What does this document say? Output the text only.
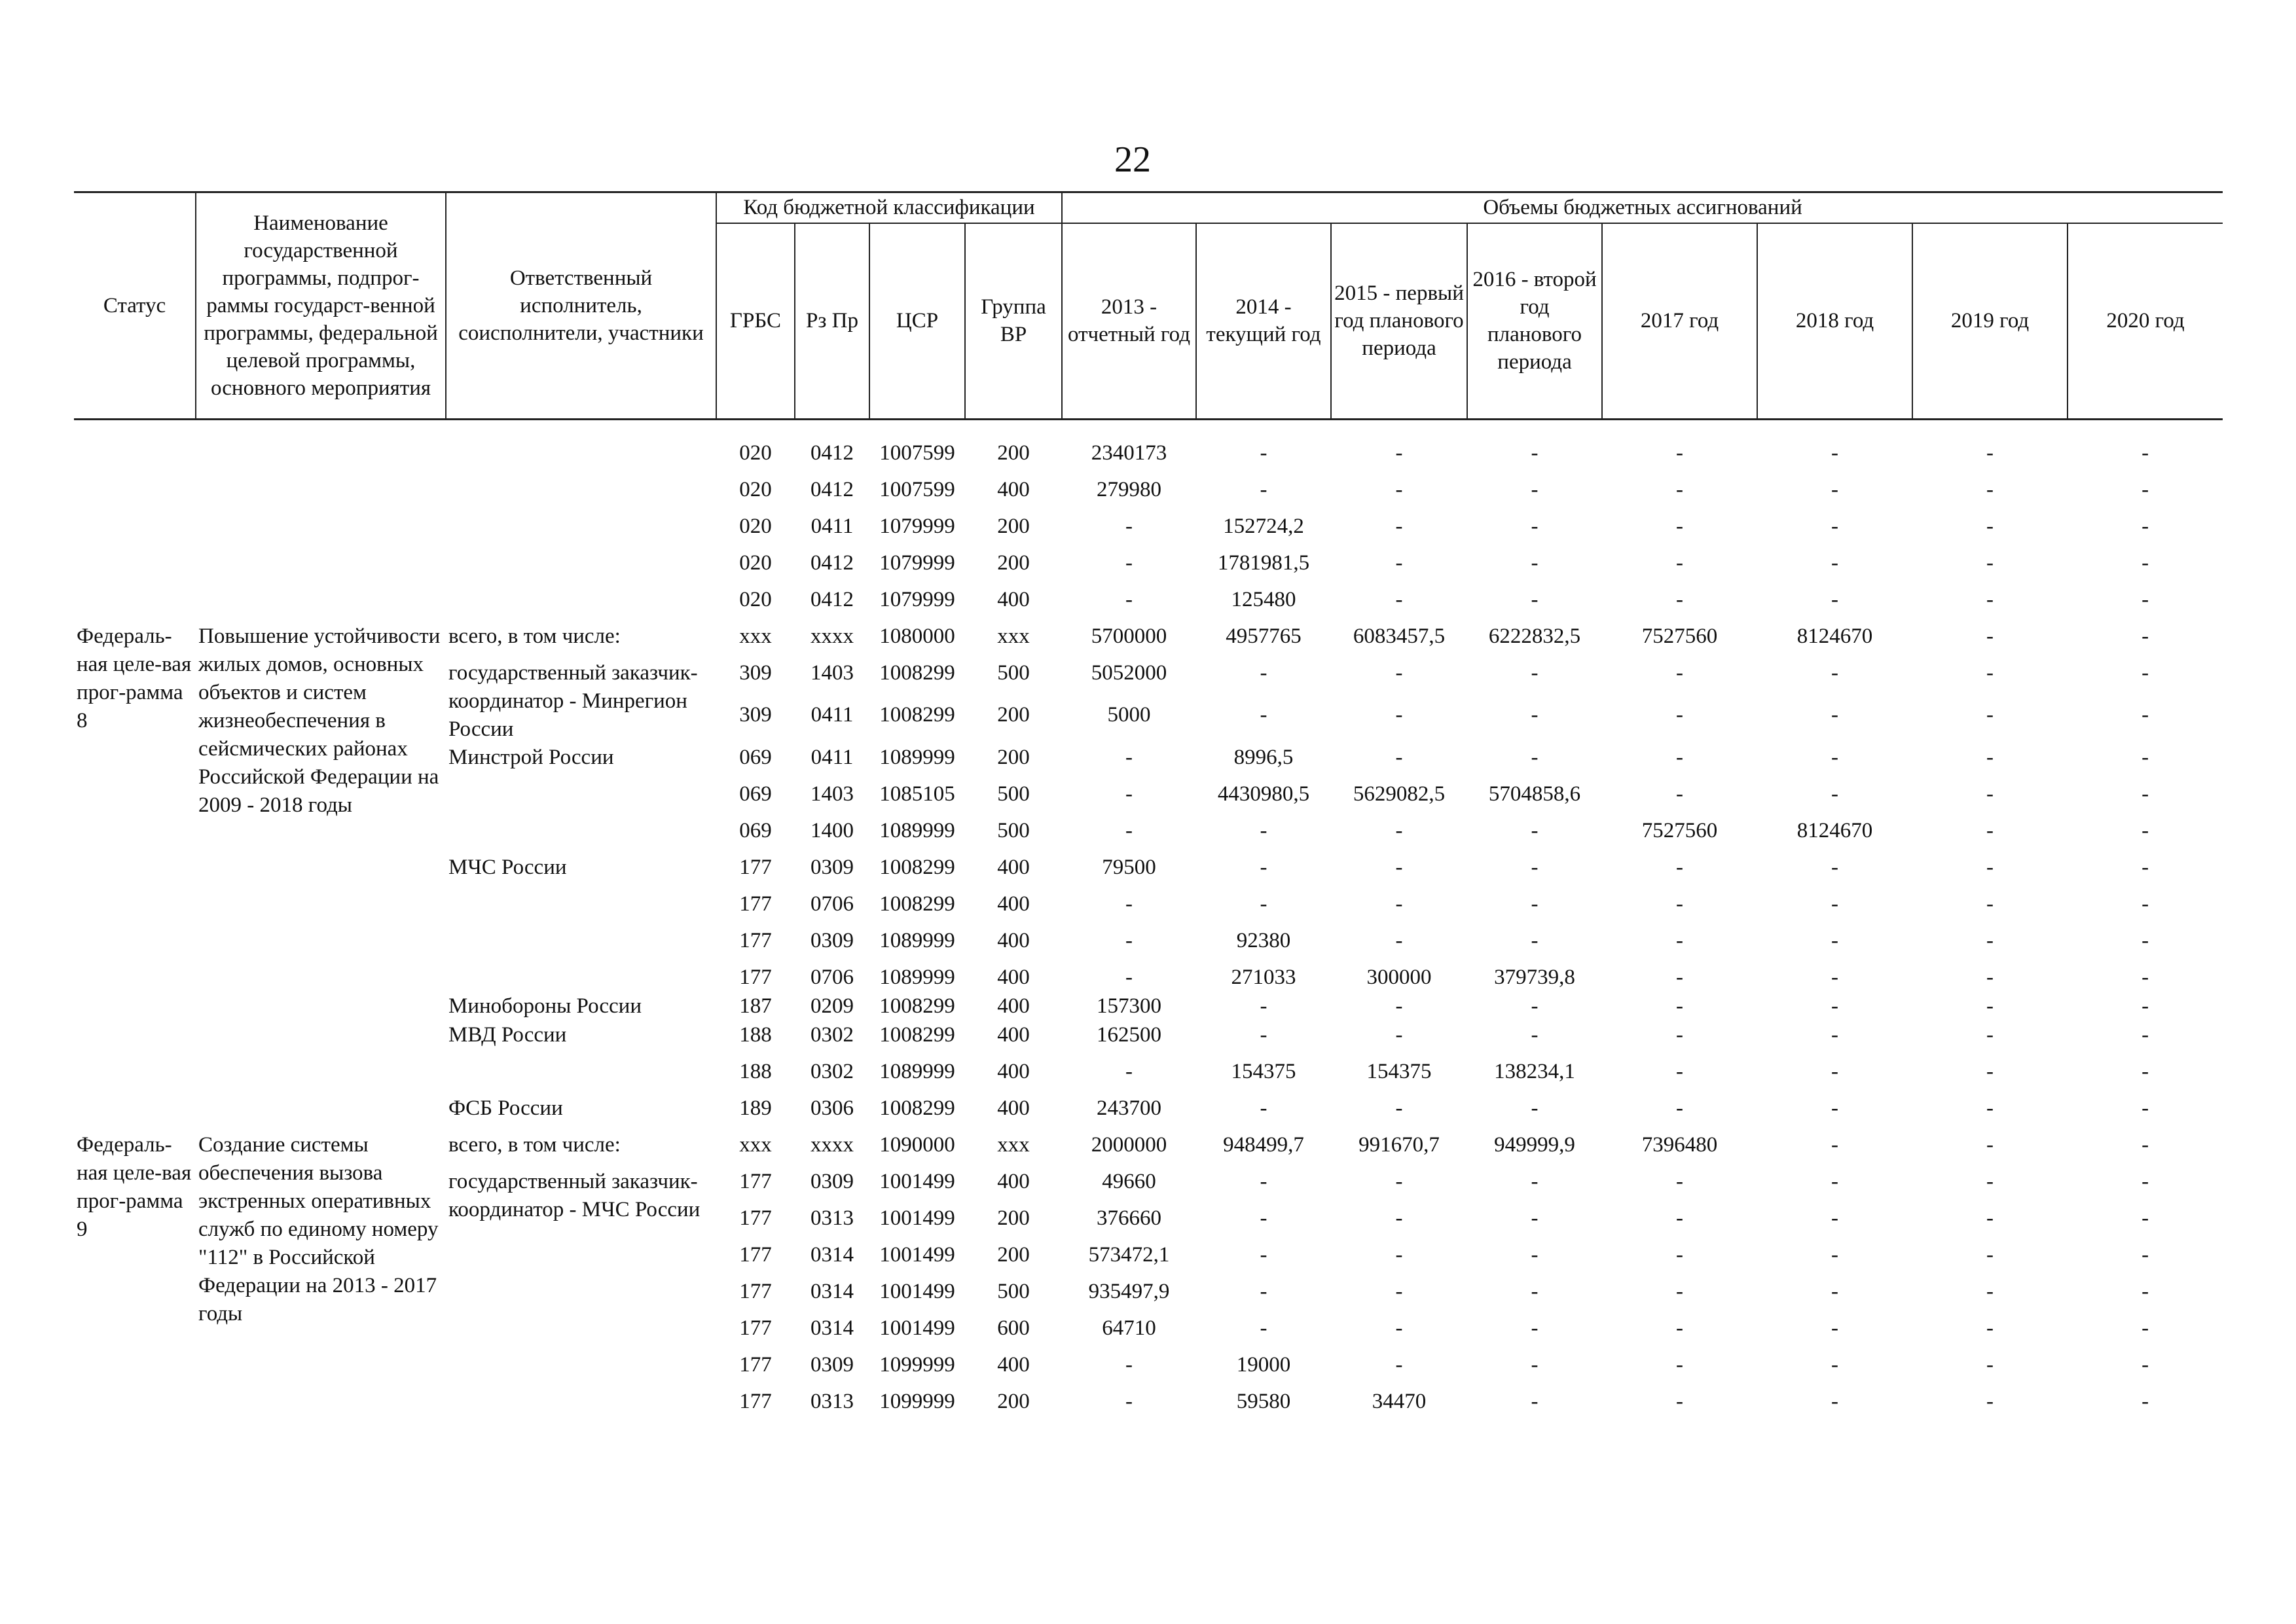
22
Статус	Наименование государственной программы, подпрог-раммы государст-венной программы, федеральной целевой программы, основного мероприятия	Ответственный исполнитель, соисполнители, участники	Код бюджетной классификации				Объемы бюджетных ассигнований							
			ГРБС	Рз Пр	ЦСР	Группа ВР	2013 - отчетный год	2014 - текущий год	2015 - первый год планового периода	2016 - второй год планового периода	2017 год	2018 год	2019 год	2020 год

			020	0412	1007599	200	2340173	-	-	-	-	-	-	-
			020	0412	1007599	400	279980	-	-	-	-	-	-	-
			020	0411	1079999	200	-	152724,2	-	-	-	-	-	-
			020	0412	1079999	200	-	1781981,5	-	-	-	-	-	-
			020	0412	1079999	400	-	125480	-	-	-	-	-	-
Федераль-ная целе-вая прог-рамма 8	Повышение устойчивости жилых домов, основных объектов и систем жизнеобеспечения в сейсмических районах Российской Федерации на 2009 - 2018 годы	всего, в том числе:	xxx	xxxx	1080000	xxx	5700000	4957765	6083457,5	6222832,5	7527560	8124670	-	-
		государственный заказчик-координатор - Минрегион России	309	1403	1008299	500	5052000	-	-	-	-	-	-	-
			309	0411	1008299	200	5000	-	-	-	-	-	-	-
		Минстрой России	069	0411	1089999	200	-	8996,5	-	-	-	-	-	-
			069	1403	1085105	500	-	4430980,5	5629082,5	5704858,6	-	-	-	-
			069	1400	1089999	500	-	-	-	-	7527560	8124670	-	-
		МЧС России	177	0309	1008299	400	79500	-	-	-	-	-	-	-
			177	0706	1008299	400	-	-	-	-	-	-	-	-
			177	0309	1089999	400	-	92380	-	-	-	-	-	-
			177	0706	1089999	400	-	271033	300000	379739,8	-	-	-	-
		Минобороны России	187	0209	1008299	400	157300	-	-	-	-	-	-	-
		МВД России	188	0302	1008299	400	162500	-	-	-	-	-	-	-
			188	0302	1089999	400	-	154375	154375	138234,1	-	-	-	-
		ФСБ России	189	0306	1008299	400	243700	-	-	-	-	-	-	-
Федераль-ная целе-вая прог-рамма 9	Создание системы обеспечения вызова экстренных оперативных служб по единому номеру "112" в Российской Федерации на 2013 - 2017 годы	всего, в том числе:	xxx	xxxx	1090000	xxx	2000000	948499,7	991670,7	949999,9	7396480	-	-	-
		государственный заказчик-координатор - МЧС России	177	0309	1001499	400	49660	-	-	-	-	-	-	-
			177	0313	1001499	200	376660	-	-	-	-	-	-	-
			177	0314	1001499	200	573472,1	-	-	-	-	-	-	-
			177	0314	1001499	500	935497,9	-	-	-	-	-	-	-
			177	0314	1001499	600	64710	-	-	-	-	-	-	-
			177	0309	1099999	400	-	19000	-	-	-	-	-	-
			177	0313	1099999	200	-	59580	34470	-	-	-	-	-
